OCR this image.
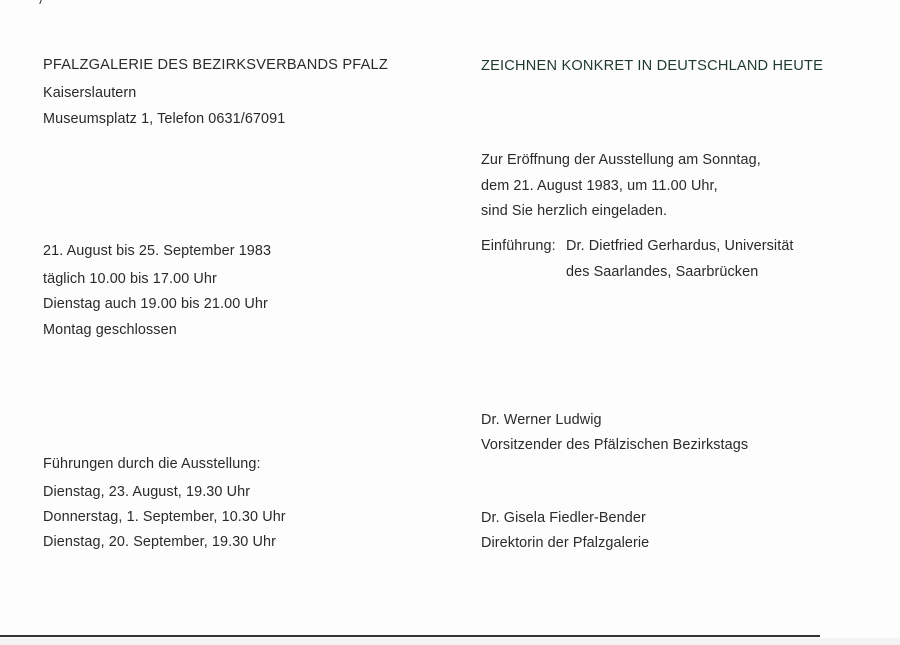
PFALZGALERIE DES BEZIRKSVERBANDS PFALZ
Kaiserslautern
Museumsplatz 1, Telefon 0631/67091
21. August bis 25. September 1983
täglich 10.00 bis 17.00 Uhr
Dienstag auch 19.00 bis 21.00 Uhr
Montag geschlossen
Führungen durch die Ausstellung:
Dienstag, 23. August, 19.30 Uhr
Donnerstag, 1. September, 10.30 Uhr
Dienstag, 20. September, 19.30 Uhr
ZEICHNEN KONKRET IN DEUTSCHLAND HEUTE
Zur Eröffnung der Ausstellung am Sonntag,
dem 21. August 1983, um 11.00 Uhr,
sind Sie herzlich eingeladen.
Einführung: Dr. Dietfried Gerhardus, Universität
des Saarlandes, Saarbrücken
Dr. Werner Ludwig
Vorsitzender des Pfälzischen Bezirkstags
Dr. Gisela Fiedler-Bender
Direktorin der Pfalzgalerie
